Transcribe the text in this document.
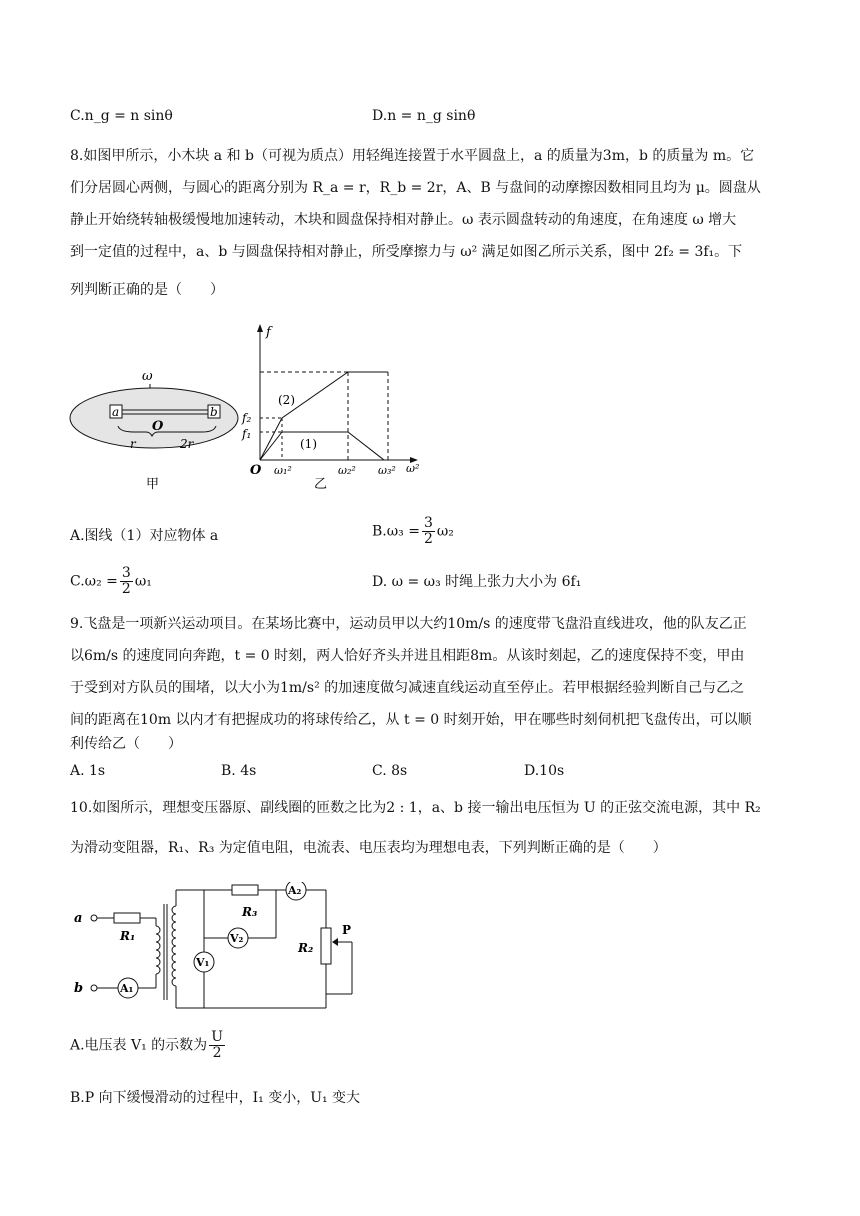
C.n_g = n sinθ	D.n = n_g sinθ
8.如图甲所示，小木块 a 和 b（可视为质点）用轻绳连接置于水平圆盘上，a 的质量为3m，b 的质量为 m。它
们分居圆心两侧，与圆心的距离分别为 R_a = r，R_b = 2r，A、B 与盘间的动摩擦因数相同且均为 μ。圆盘从
静止开始绕转轴极缓慢地加速转动，木块和圆盘保持相对静止。ω 表示圆盘转动的角速度，在角速度 ω 增大
到一定值的过程中，a、b 与圆盘保持相对静止，所受摩擦力与 ω² 满足如图乙所示关系，图中 2f₂ = 3f₁。下
列判断正确的是（　　）
ω
a	b
O
r	2r
甲
f
f₂
f₁
(2)
(1)
O ω₁²	ω₂² ω₃² ω²
乙
A.图线（1）对应物体 a	$B.\omega_3 = \frac{3}{2} \omega_2$
$C.\omega_2 = \frac{3}{2} \omega_1$	D. ω = ω₃ 时绳上张力大小为 6f₁
9.飞盘是一项新兴运动项目。在某场比赛中，运动员甲以大约10m/s 的速度带飞盘沿直线进攻，他的队友乙正
以6m/s 的速度同向奔跑，t = 0 时刻，两人恰好齐头并进且相距8m。从该时刻起，乙的速度保持不变，甲由
于受到对方队员的围堵，以大小为1m/s² 的加速度做匀减速直线运动直至停止。若甲根据经验判断自己与乙之
间的距离在10m 以内才有把握成功的将球传给乙，从 t = 0 时刻开始，甲在哪些时刻伺机把飞盘传出，可以顺
利传给乙（　　）
A. 1s	B. 4s	C. 8s	D.10s
10.如图所示，理想变压器原、副线圈的匝数之比为2 : 1，a、b 接一输出电压恒为 U 的正弦交流电源，其中 R₂
为滑动变阻器，R₁、R₃ 为定值电阻，电流表、电压表均为理想电表，下列判断正确的是（　　）
a
b
R₁
A₁
R₃
A₂
V₂
V₁
R₂
P
A.电压表 V₁ 的示数为 $\frac{U}{2}$
B.P 向下缓慢滑动的过程中，I₁ 变小，U₁ 变大
